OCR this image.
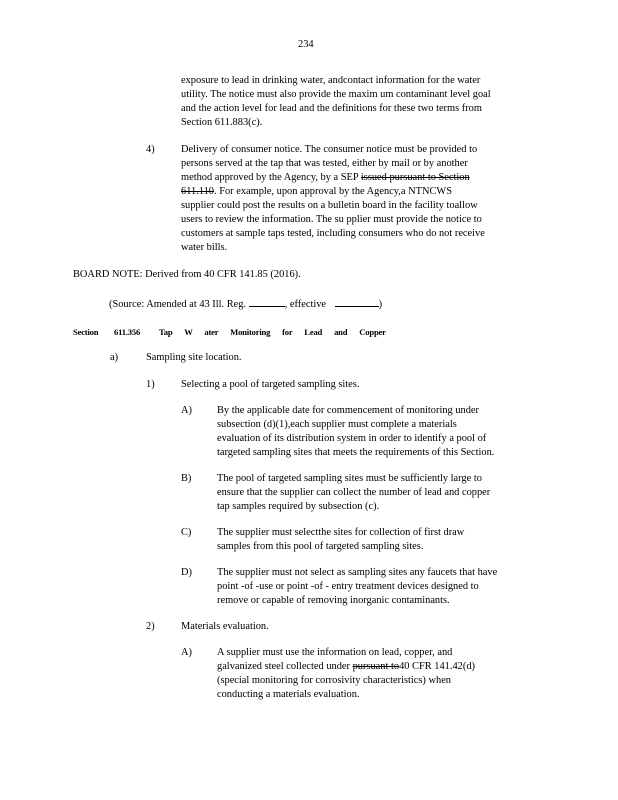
234
exposure to lead in drinking water, andcontact information for the water
utility. The notice must also provide the maxim um contaminant level goal
and the action level for lead and the definitions for these two terms from
Section 611.883(c).
4)	Delivery of consumer notice. The consumer notice must be provided to
persons served at the tap that was tested, either by mail or by another
method approved by the Agency, by a SEP issued pursuant to Section
611.110. For example, upon approval by the Agency,a NTNCWS
supplier could post the results on a bulletin board in the facility toallow
users to review the information. The su pplier must provide the notice to
customers at sample taps tested, including consumers who do not receive
water bills.
BOARD NOTE: Derived from 40 CFR 141.85 (2016).
(Source: Amended at 43 Ill. Reg.	, effective	)
Section 611.356 Tap W ater Monitoring for Lead and Copper
a)	Sampling site location.
1)	Selecting a pool of targeted sampling sites.
A) By the applicable date for commencement of monitoring under
subsection (d)(1),each supplier must complete a materials
evaluation of its distribution system in order to identify a pool of
targeted sampling sites that meets the requirements of this Section.
B) The pool of targeted sampling sites must be sufficiently large to
ensure that the supplier can collect the number of lead and copper
tap samples required by subsection (c).
C) The supplier must selectthe sites for collection of first draw
samples from this pool of targeted sampling sites.
D) The supplier must not select as sampling sites any faucets that have
point -of -use or point -of - entry treatment devices designed to
remove or capable of removing inorganic contaminants.
2)	Materials evaluation.
A) A supplier must use the information on lead, copper, and
galvanized steel collected under pursuant to40 CFR 141.42(d)
(special monitoring for corrosivity characteristics) when
conducting a materials evaluation.
